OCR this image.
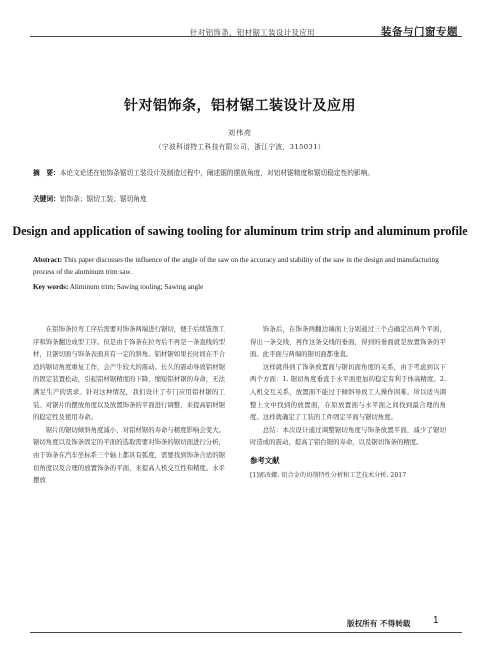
针对铝饰条，铝材锯工装设计及应用	装备与门窗专题
针对铝饰条，铝材锯工装设计及应用
刘伟亮
（宁波科谱特工科技有限公司，浙江宁波，315031）
摘　要：本论文论述在铝饰条锯切工装设计及制造过程中，阐述锯的摆放角度，对铝材锯精度和锯切稳定性的影响。
关键词：铝饰条；锯切工装；锯切角度
Design and application of sawing tooling for aluminum trim strip and aluminum profile
Abstract: This paper discusses the influence of the angle of the saw on the accuracy and stability of the saw in the design and manufacturing process of the aluminum trim saw.
Key words: Aliminum trim; Sawing tooling; Sawing angle

在铝饰条拉弯工序后需要对饰条两端进行锯切，便于后续铣削工序和饰条翻边成型工序。但是由于饰条在拉弯后不再是一条直线的型材，且锯切面与饰条表面具有一定的斜角。铝材锯如果长时间在不合适的锯切角度重复工作，会产生较大的震动。长久的震动导致铝材锯的固定装置松动，引起铝材锯精度的下降，缩短铝材锯的寿命，无法满足生产的需求。针对这种情况，我们设计了专门应用铝材锯的工装。对锯片的摆放角度以及放置饰条的平面进行调整，来提高铝材锯的稳定性及使用寿命。

锯片的锯切倾斜角度减小，对铝材锯的寿命与精度影响会变大。锯切角度以及饰条固定的平面的选取需要对饰条的锯切面进行分析，由于饰条在汽车坐标系三个轴上都具有弧度，需要找到饰条合适的锯切角度以及合理的放置饰条的平面，来提高人机交互性和精度。水平摆放

饰条后，在饰条两翻边端面上分别通过三个点确定出两个平面，得出一条交线，再作这条交线的垂面，得到的垂面就是放置饰条的平面。此平面与两端的锯切面都垂直。

这样就得到了饰条放置面与锯切面角度的关系，由于考虑到以下两个方面：1. 锯切角度垂直于水平面更加的稳定有利于体高精度。2. 人机交互关系，放置面不能过于倾斜导致工人操作困难。所以适当调整上文中找到的放置面，在原放置面与水平面之间找到最合理的角度。这样就确定了工装的工件固定平面与锯切角度。

总结：本次设计通过调整锯切角度与饰条放置平面，减少了锯切时造成的震动，提高了铝台锯的寿命，以及锯切饰条的精度。

参考文献
[1]郭改娜. 铝合金的切削特性分析和工艺技术分析. 2017
版权所有 不得转载 1
